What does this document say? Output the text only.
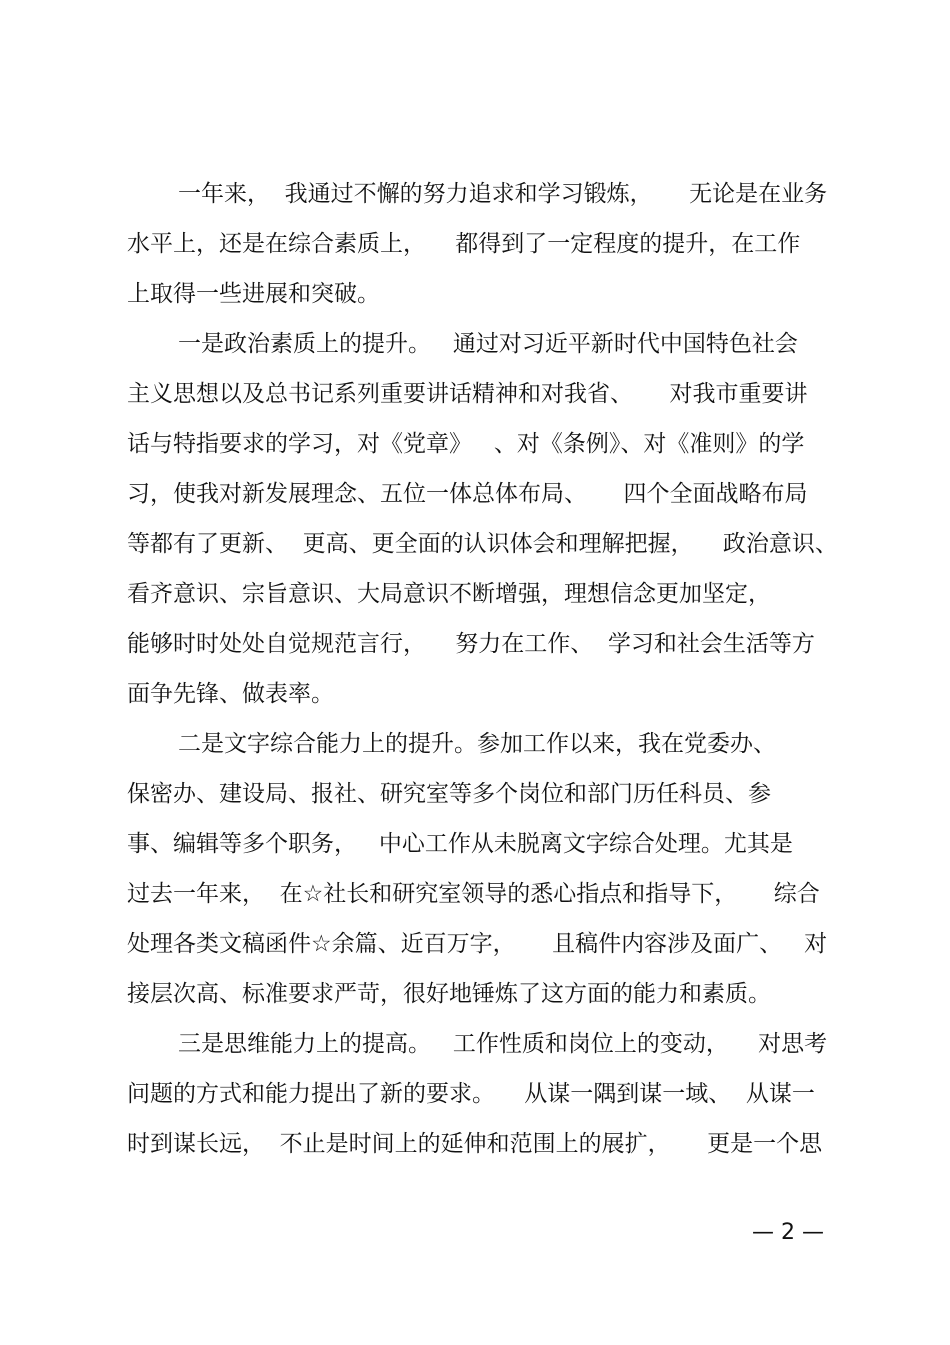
一年来，  我通过不懈的努力追求和学习锻炼，     无论是在业务
水平上，还是在综合素质上，    都得到了一定程度的提升，在工作
上取得一些进展和突破。
一是政治素质上的提升。   通过对习近平新时代中国特色社会
主义思想以及总书记系列重要讲话精神和对我省、     对我市重要讲
话与特指要求的学习，对《党章》   、对《条例》、对《准则》的学
习，使我对新发展理念、五位一体总体布局、     四个全面战略布局
等都有了更新、  更高、更全面的认识体会和理解把握，    政治意识、
看齐意识、宗旨意识、大局意识不断增强，理想信念更加坚定，
能够时时处处自觉规范言行，    努力在工作、  学习和社会生活等方
面争先锋、做表率。
二是文字综合能力上的提升。参加工作以来，我在党委办、
保密办、建设局、报社、研究室等多个岗位和部门历任科员、参
事、编辑等多个职务，   中心工作从未脱离文字综合处理。尤其是
过去一年来，  在☆社长和研究室领导的悉心指点和指导下，     综合
处理各类文稿函件☆余篇、近百万字，     且稿件内容涉及面广、   对
接层次高、标准要求严苛，很好地锤炼了这方面的能力和素质。
三是思维能力上的提高。   工作性质和岗位上的变动，    对思考
问题的方式和能力提出了新的要求。    从谋一隅到谋一域、  从谋一
时到谋长远，  不止是时间上的延伸和范围上的展扩，     更是一个思
— 2 —
